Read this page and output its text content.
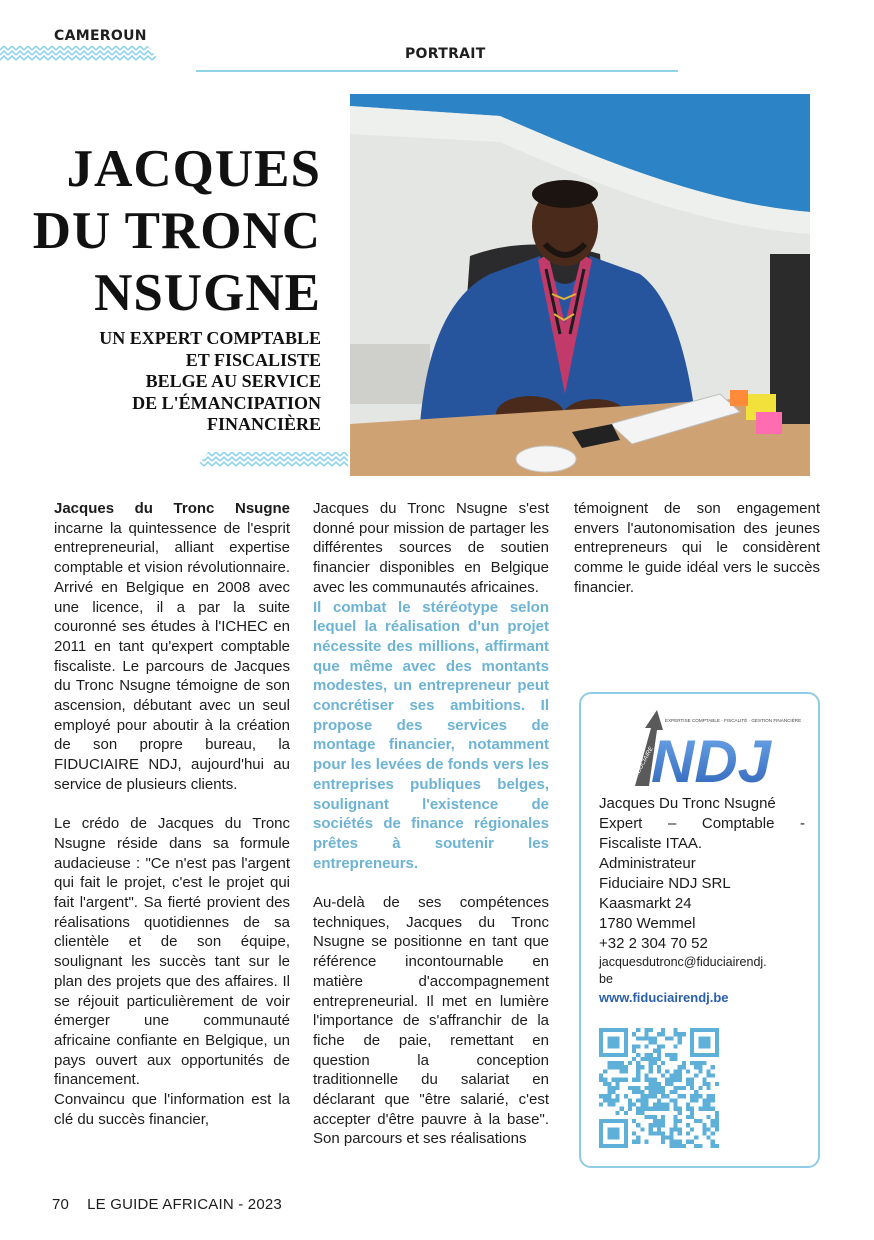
CAMEROUN
PORTRAIT
JACQUES
DU TRONC
NSUGNE
UN EXPERT COMPTABLE
ET FISCALISTE
BELGE AU SERVICE
DE L'ÉMANCIPATION
FINANCIÈRE

Jacques du Tronc Nsugne incarne la quintessence de l'esprit entrepreneurial, alliant expertise comptable et vision révolutionnaire. Arrivé en Belgique en 2008 avec une licence, il a par la suite couronné ses études à l'ICHEC en 2011 en tant qu'expert comptable fiscaliste. Le parcours de Jacques du Tronc Nsugne témoigne de son ascension, débutant avec un seul employé pour aboutir à la création de son propre bureau, la FIDUCIAIRE NDJ, aujourd'hui au service de plusieurs clients.

Le crédo de Jacques du Tronc Nsugne réside dans sa formule audacieuse : "Ce n'est pas l'argent qui fait le projet, c'est le projet qui fait l'argent". Sa fierté provient des réalisations quotidiennes de sa clientèle et de son équipe, soulignant les succès tant sur le plan des projets que des affaires. Il se réjouit particulièrement de voir émerger une communauté africaine confiante en Belgique, un pays ouvert aux opportunités de financement.

Convaincu que l'information est la clé du succès financier,

Jacques du Tronc Nsugne s'est donné pour mission de partager les différentes sources de soutien financier disponibles en Belgique avec les communautés africaines.

Il combat le stéréotype selon lequel la réalisation d'un projet nécessite des millions, affirmant que même avec des montants modestes, un entrepreneur peut concrétiser ses ambitions. Il propose des services de montage financier, notamment pour les levées de fonds vers les entreprises publiques belges, soulignant l'existence de sociétés de finance régionales prêtes à soutenir les entrepreneurs.

Au-delà de ses compétences techniques, Jacques du Tronc Nsugne se positionne en tant que référence incontournable en matière d'accompagnement entrepreneurial. Il met en lumière l'importance de s'affranchir de la fiche de paie, remettant en question la conception traditionnelle du salariat en déclarant que "être salarié, c'est accepter d'être pauvre à la base". Son parcours et ses réalisations

témoignent de son engagement envers l'autonomisation des jeunes entrepreneurs qui le considèrent comme le guide idéal vers le succès financier.

NDJ
EXPERTISE COMPTABLE · FISCALITÉ · GESTION FINANCIÈRE
FIDUCIAIRE
Jacques Du Tronc Nsugné
Expert – Comptable -
Fiscaliste ITAA.
Administrateur
Fiduciaire NDJ SRL
Kaasmarkt 24
1780 Wemmel
+32 2 304 70 52
jacquesdutronc@fiduciairendj.
be
www.fiduciairendj.be
70 LE GUIDE AFRICAIN - 2023
